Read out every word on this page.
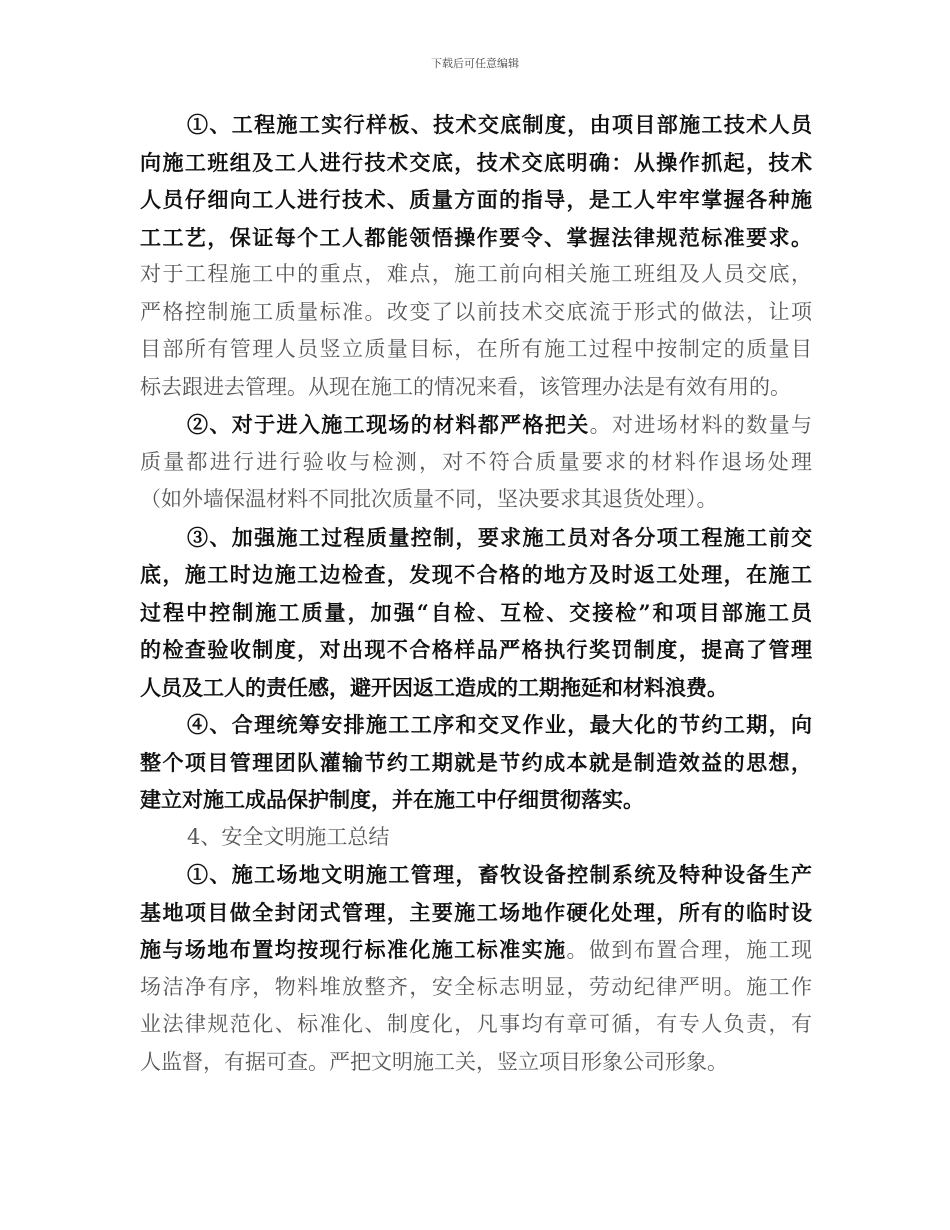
下载后可任意编辑
①、工程施工实行样板、技术交底制度，由项目部施工技术人员
向施工班组及工人进行技术交底，技术交底明确：从操作抓起，技术
人员仔细向工人进行技术、质量方面的指导，是工人牢牢掌握各种施
工工艺，保证每个工人都能领悟操作要令、掌握法律规范标准要求。
对于工程施工中的重点，难点，施工前向相关施工班组及人员交底，
严格控制施工质量标准。改变了以前技术交底流于形式的做法，让项
目部所有管理人员竖立质量目标，在所有施工过程中按制定的质量目
标去跟进去管理。从现在施工的情况来看，该管理办法是有效有用的。
②、对于进入施工现场的材料都严格把关。对进场材料的数量与
质量都进行进行验收与检测，对不符合质量要求的材料作退场处理
（如外墙保温材料不同批次质量不同，坚决要求其退货处理）。
③、加强施工过程质量控制，要求施工员对各分项工程施工前交
底，施工时边施工边检查，发现不合格的地方及时返工处理，在施工
过程中控制施工质量，加强“自检、互检、交接检”和项目部施工员
的检查验收制度，对出现不合格样品严格执行奖罚制度，提高了管理
人员及工人的责任感，避开因返工造成的工期拖延和材料浪费。
④、合理统筹安排施工工序和交叉作业，最大化的节约工期，向
整个项目管理团队灌输节约工期就是节约成本就是制造效益的思想，
建立对施工成品保护制度，并在施工中仔细贯彻落实。
4、安全文明施工总结
①、施工场地文明施工管理，畜牧设备控制系统及特种设备生产
基地项目做全封闭式管理，主要施工场地作硬化处理，所有的临时设
施与场地布置均按现行标准化施工标准实施。做到布置合理，施工现
场洁净有序，物料堆放整齐，安全标志明显，劳动纪律严明。施工作
业法律规范化、标准化、制度化，凡事均有章可循，有专人负责，有
人监督，有据可查。严把文明施工关，竖立项目形象公司形象。
